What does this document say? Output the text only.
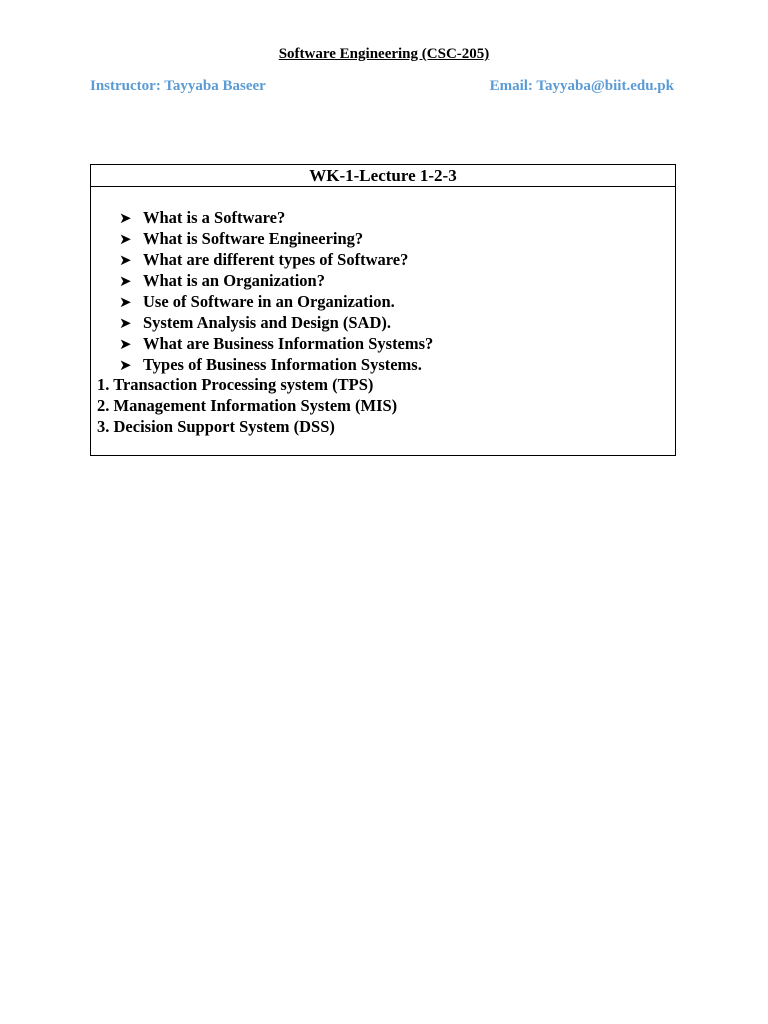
Software Engineering (CSC-205)
Instructor: Tayyaba Baseer	Email: Tayyaba@biit.edu.pk
WK-1-Lecture 1-2-3
➤ What is a Software?
➤ What is Software Engineering?
➤ What are different types of Software?
➤ What is an Organization?
➤ Use of Software in an Organization.
➤ System Analysis and Design (SAD).
➤ What are Business Information Systems?
➤ Types of Business Information Systems.
1. Transaction Processing system (TPS)
2. Management Information System (MIS)
3. Decision Support System (DSS)
